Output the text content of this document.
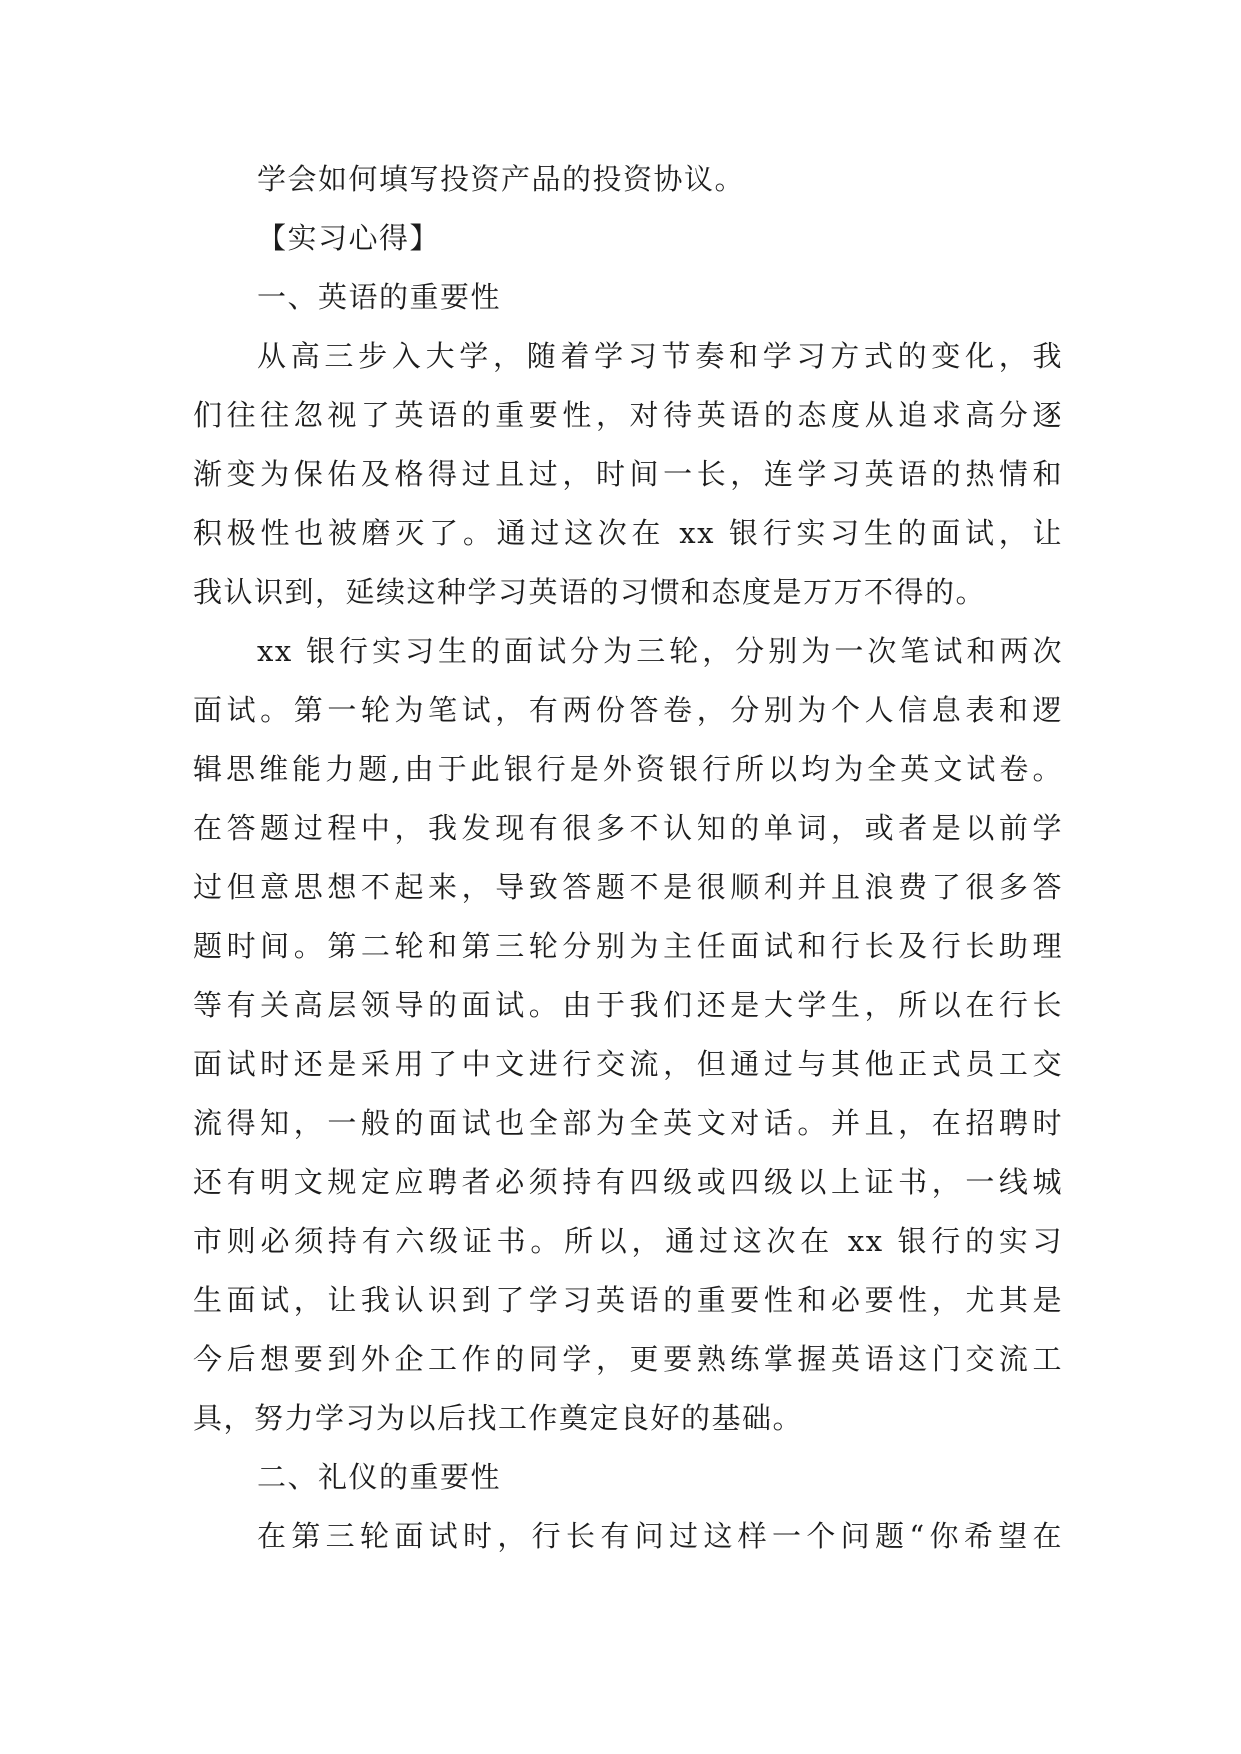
学会如何填写投资产品的投资协议。
【实习心得】
一、英语的重要性
从高三步入大学，随着学习节奏和学习方式的变化，我
们往往忽视了英语的重要性，对待英语的态度从追求高分逐
渐变为保佑及格得过且过，时间一长，连学习英语的热情和
积极性也被磨灭了。通过这次在 xx 银行实习生的面试，让
我认识到，延续这种学习英语的习惯和态度是万万不得的。
xx 银行实习生的面试分为三轮，分别为一次笔试和两次
面试。第一轮为笔试，有两份答卷，分别为个人信息表和逻
辑思维能力题,由于此银行是外资银行所以均为全英文试卷。
在答题过程中，我发现有很多不认知的单词，或者是以前学
过但意思想不起来，导致答题不是很顺利并且浪费了很多答
题时间。第二轮和第三轮分别为主任面试和行长及行长助理
等有关高层领导的面试。由于我们还是大学生，所以在行长
面试时还是采用了中文进行交流，但通过与其他正式员工交
流得知，一般的面试也全部为全英文对话。并且，在招聘时
还有明文规定应聘者必须持有四级或四级以上证书，一线城
市则必须持有六级证书。所以，通过这次在 xx 银行的实习
生面试，让我认识到了学习英语的重要性和必要性，尤其是
今后想要到外企工作的同学，更要熟练掌握英语这门交流工
具，努力学习为以后找工作奠定良好的基础。
二、礼仪的重要性
在第三轮面试时，行长有问过这样一个问题“你希望在
